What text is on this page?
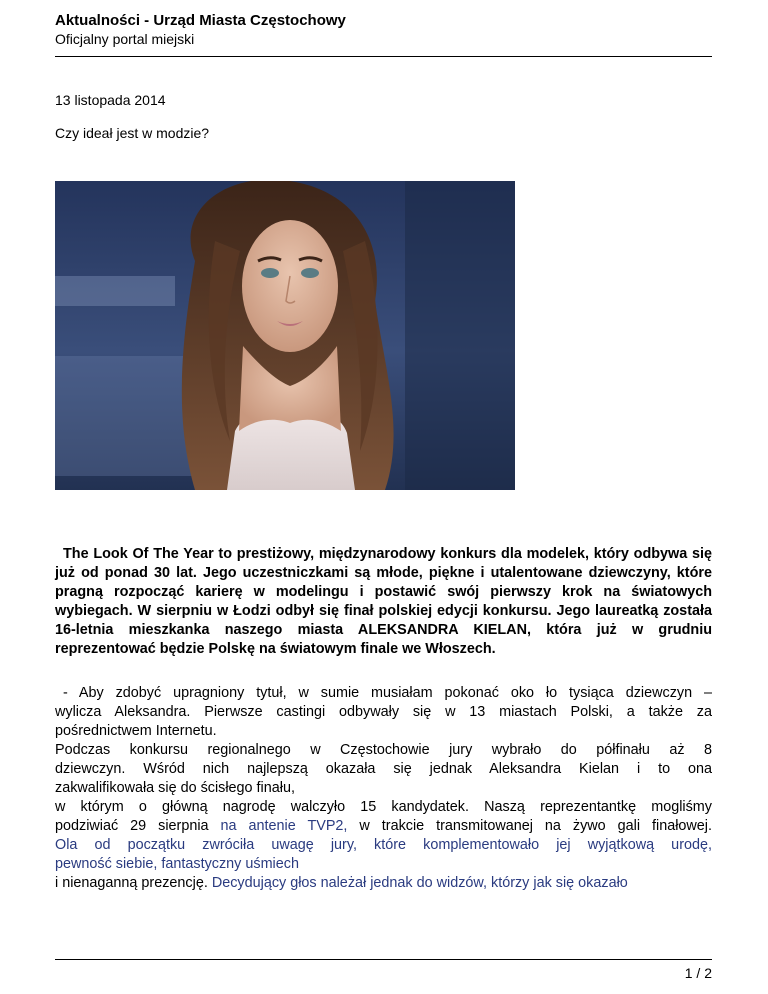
Aktualności - Urząd Miasta Częstochowy
Oficjalny portal miejski
13 listopada 2014
Czy ideał jest w modzie?
The Look Of The Year to prestiżowy, międzynarodowy konkurs dla modelek, który odbywa się już od ponad 30 lat. Jego uczestniczkami są młode, piękne i utalentowane dziewczyny, które pragną rozpocząć karierę w modelingu i postawić swój pierwszy krok na światowych wybiegach. W sierpniu w Łodzi odbył się finał polskiej edycji konkursu. Jego laureatką została 16-letnia mieszkanka naszego miasta ALEKSANDRA KIELAN, która już w grudniu reprezentować będzie Polskę na światowym finale we Włoszech.

- Aby zdobyć upragniony tytuł, w sumie musiałam pokonać oko ło tysiąca dziewczyn –

wylicza Aleksandra. Pierwsze castingi odbywały się w 13 miastach Polski, a także za

pośrednictwem Internetu.

Podczas konkursu regionalnego w Częstochowie jury wybrało do półfinału aż 8

dziewczyn. Wśród nich najlepszą okazała się jednak Aleksandra Kielan i to ona

zakwalifikowała się do ścisłego finału,

w którym o główną nagrodę walczyło 15 kandydatek. Naszą reprezentantkę mogliśmy

podziwiać 29 sierpnia na antenie TVP2, w trakcie transmitowanej na żywo gali finałowej.

Ola od początku zwróciła uwagę jury, które komplementowało jej wyjątkową urodę,

pewność siebie, fantastyczny uśmiech

i nienaganną prezencję. Decydujący głos należał jednak do widzów, którzy jak się okazało

1 / 2
